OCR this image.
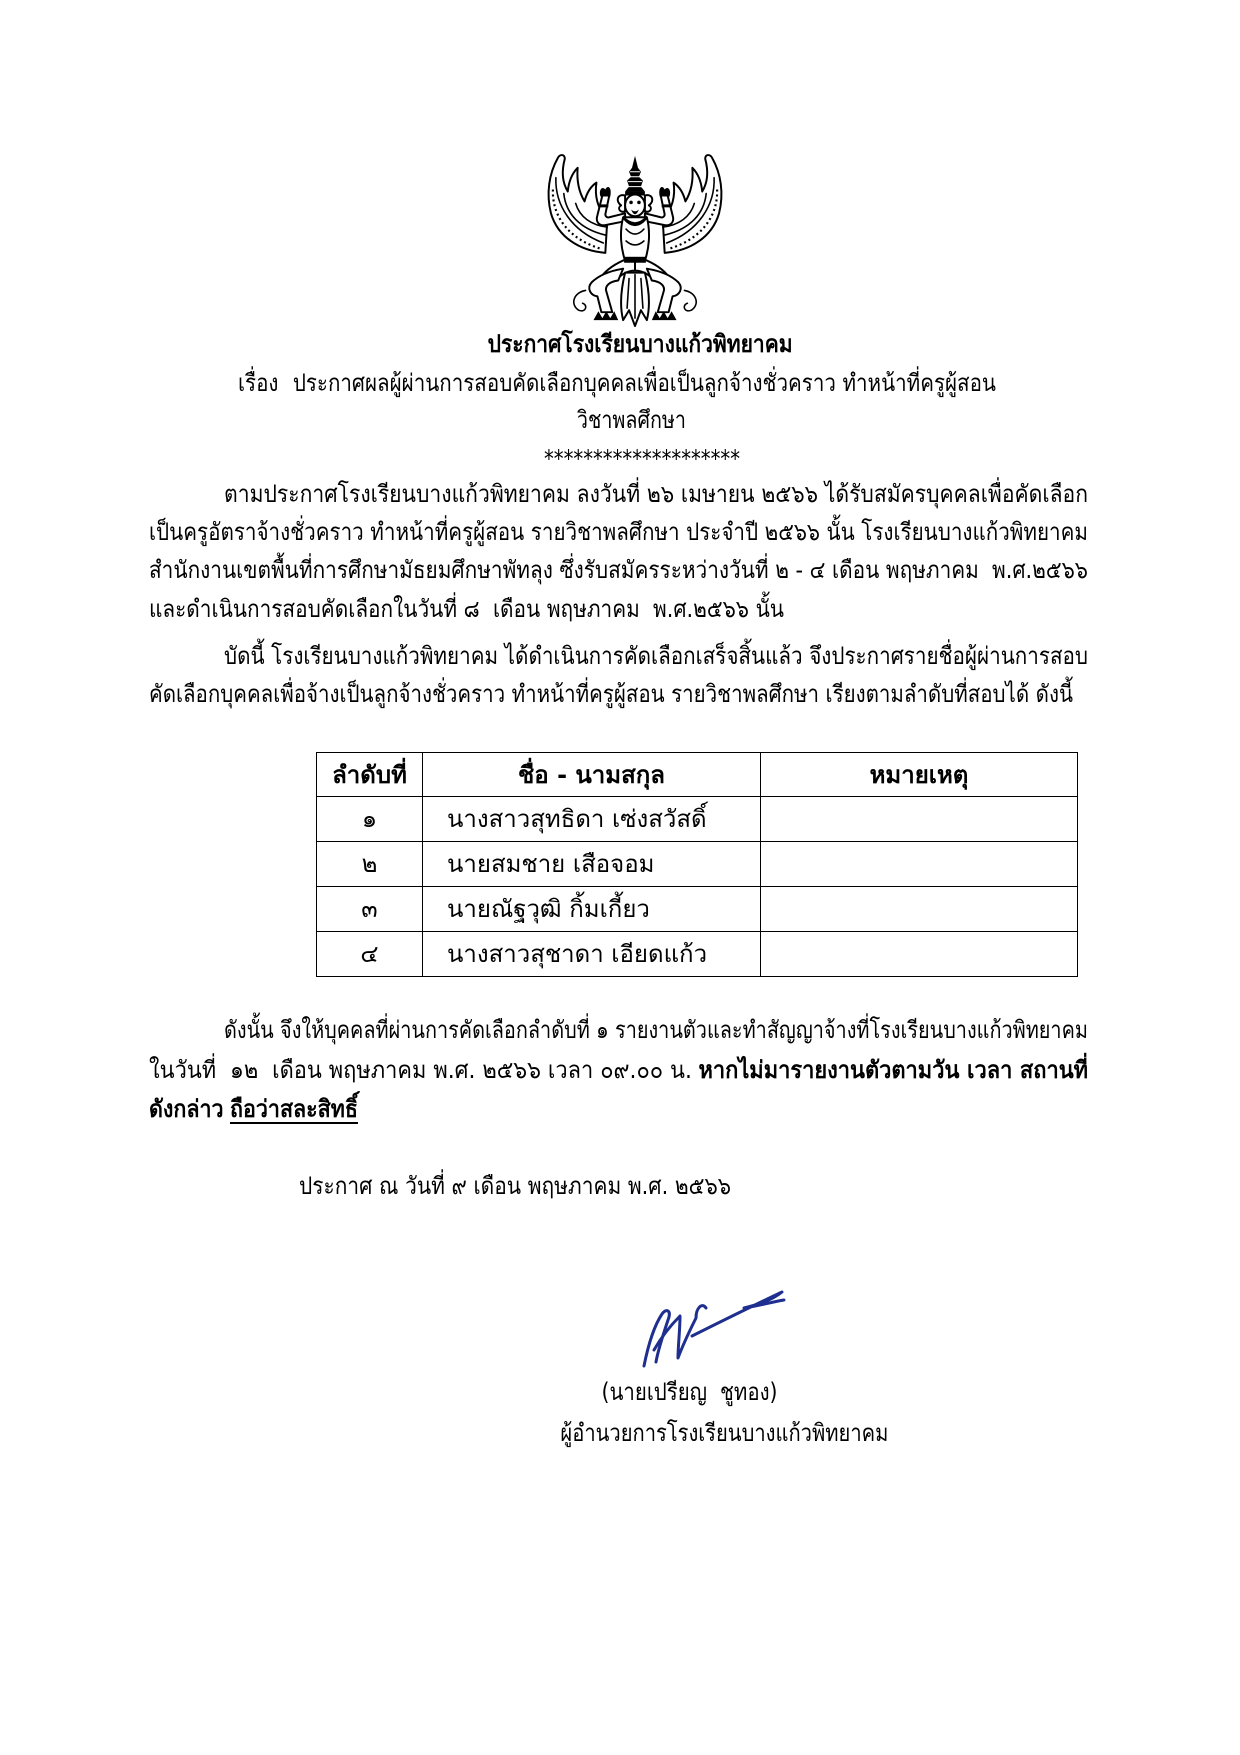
ประกาศโรงเรียนบางแก้วพิทยาคม
เรื่อง ประกาศผลผู้ผ่านการสอบคัดเลือกบุคคลเพื่อเป็นลูกจ้างชั่วคราว ทำหน้าที่ครูผู้สอน
วิชาพลศึกษา
********************
ตามประกาศโรงเรียนบางแก้วพิทยาคม ลงวันที่ ๒๖ เมษายน ๒๕๖๖ ได้รับสมัครบุคคลเพื่อคัดเลือก
เป็นครูอัตราจ้างชั่วคราว ทำหน้าที่ครูผู้สอน รายวิชาพลศึกษา ประจำปี ๒๕๖๖ นั้น โรงเรียนบางแก้วพิทยาคม
สำนักงานเขตพื้นที่การศึกษามัธยมศึกษาพัทลุง ซึ่งรับสมัครระหว่างวันที่ ๒ - ๔ เดือน พฤษภาคม  พ.ศ.๒๕๖๖
และดำเนินการสอบคัดเลือกในวันที่ ๘  เดือน พฤษภาคม  พ.ศ.๒๕๖๖ นั้น
บัดนี้ โรงเรียนบางแก้วพิทยาคม ได้ดำเนินการคัดเลือกเสร็จสิ้นแล้ว จึงประกาศรายชื่อผู้ผ่านการสอบ
คัดเลือกบุคคลเพื่อจ้างเป็นลูกจ้างชั่วคราว ทำหน้าที่ครูผู้สอน รายวิชาพลศึกษา เรียงตามลำดับที่สอบได้ ดังนี้
ลำดับที่	ชื่อ - นามสกุล	หมายเหตุ
๑	นางสาวสุทธิดา เซ่งสวัสดิ์	
๒	นายสมชาย เสือจอม	
๓	นายณัฐวุฒิ กิ้มเกี้ยว	
๔	นางสาวสุชาดา เอียดแก้ว	
ดังนั้น จึงให้บุคคลที่ผ่านการคัดเลือกลำดับที่ ๑ รายงานตัวและทำสัญญาจ้างที่โรงเรียนบางแก้วพิทยาคม
ในวันที่  ๑๒  เดือน พฤษภาคม พ.ศ. ๒๕๖๖ เวลา ๐๙.๐๐ น. หากไม่มารายงานตัวตามวัน เวลา สถานที่
ดังกล่าว ถือว่าสละสิทธิ์
ประกาศ ณ วันที่ ๙ เดือน พฤษภาคม พ.ศ. ๒๕๖๖
(นายเปรียญ  ชูทอง)
ผู้อำนวยการโรงเรียนบางแก้วพิทยาคม
